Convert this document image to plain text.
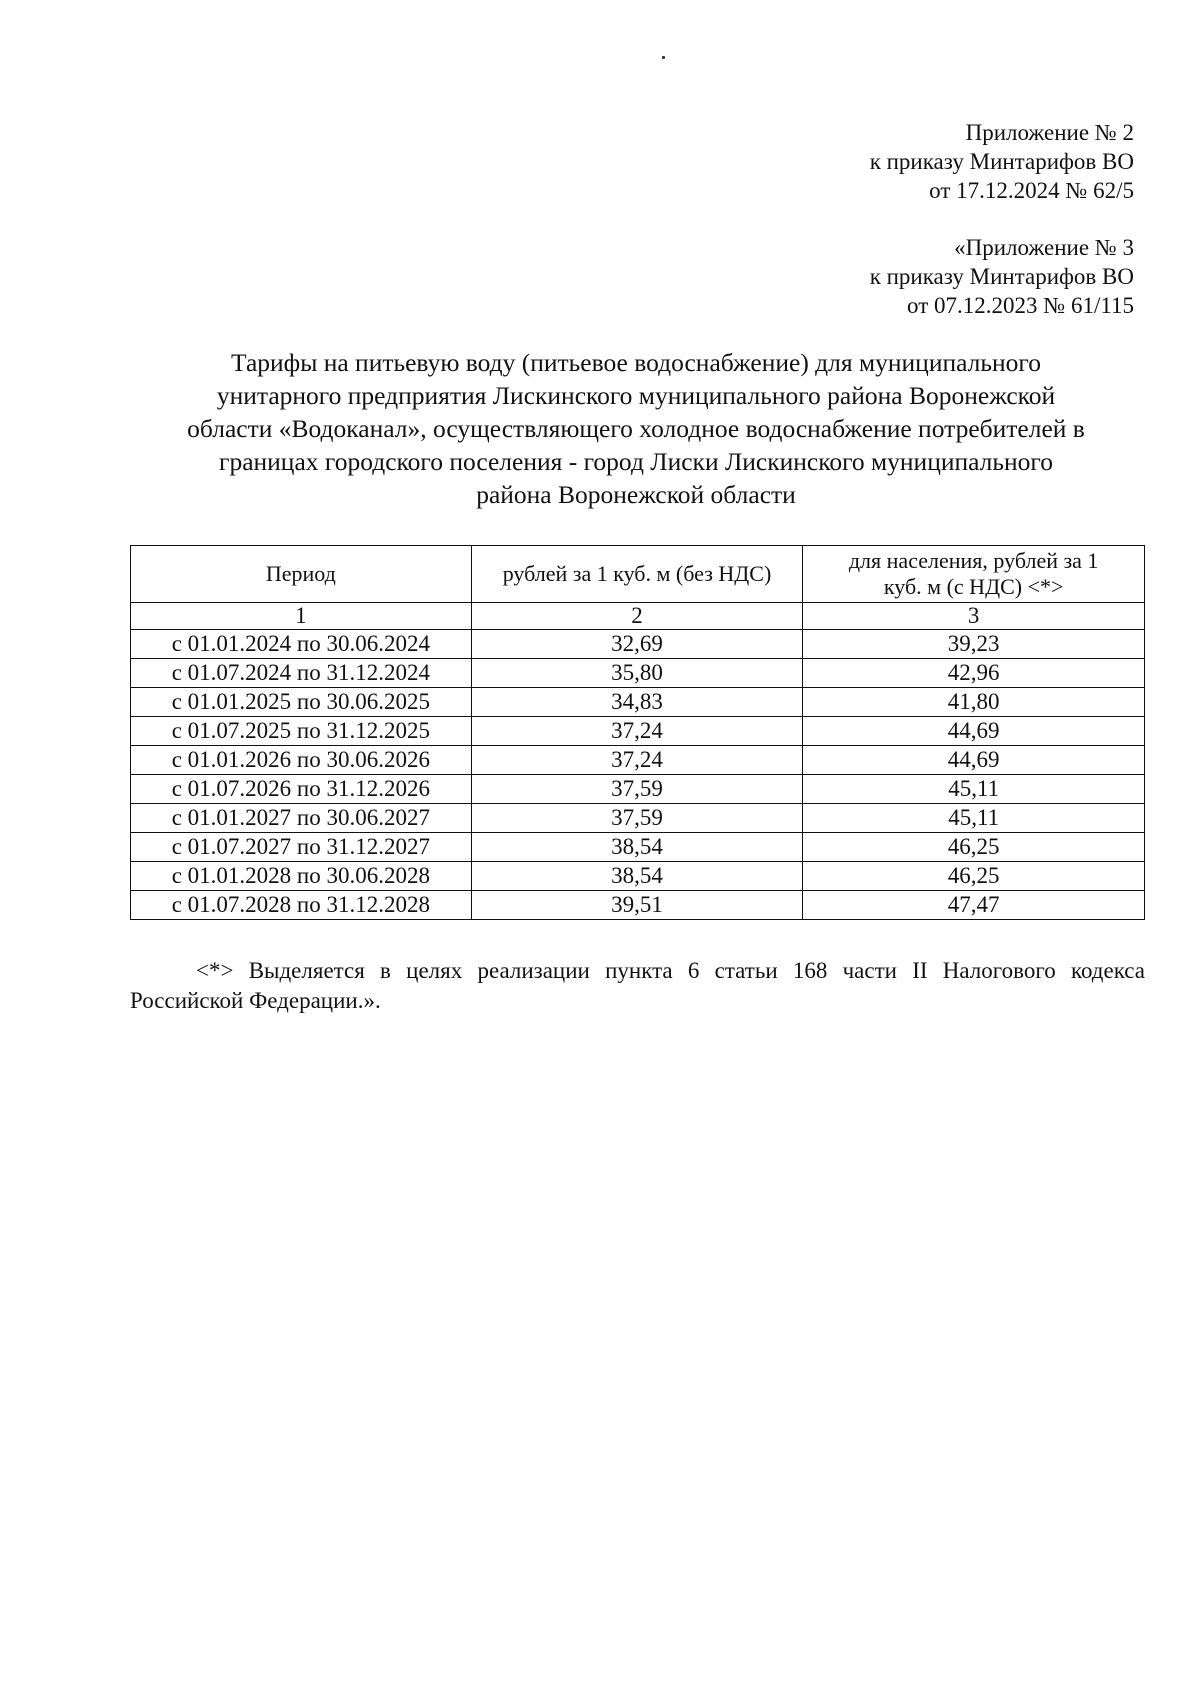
Приложение № 2
к приказу Минтарифов ВО
от 17.12.2024 № 62/5
«Приложение № 3
к приказу Минтарифов ВО
от 07.12.2023 № 61/115
Тарифы на питьевую воду (питьевое водоснабжение) для муниципального
унитарного предприятия Лискинского муниципального района Воронежской
области «Водоканал», осуществляющего холодное водоснабжение потребителей в
границах городского поселения - город Лиски Лискинского муниципального
района Воронежской области
Период	рублей за 1 куб. м (без НДС)	для населения, рублей за 1
куб. м (с НДС) <*>
1	2	3
с 01.01.2024 по 30.06.2024	32,69	39,23
с 01.07.2024 по 31.12.2024	35,80	42,96
с 01.01.2025 по 30.06.2025	34,83	41,80
с 01.07.2025 по 31.12.2025	37,24	44,69
с 01.01.2026 по 30.06.2026	37,24	44,69
с 01.07.2026 по 31.12.2026	37,59	45,11
с 01.01.2027 по 30.06.2027	37,59	45,11
с 01.07.2027 по 31.12.2027	38,54	46,25
с 01.01.2028 по 30.06.2028	38,54	46,25
с 01.07.2028 по 31.12.2028	39,51	47,47
<*> Выделяется в целях реализации пункта 6 статьи 168 части II Налогового кодекса
Российской Федерации.».
